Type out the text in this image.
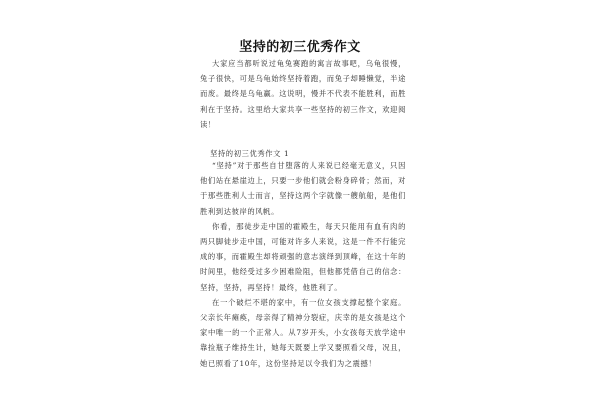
坚持的初三优秀作文

大家应当都听说过龟兔赛跑的寓言故事吧，乌龟很慢，兔子很快，可是乌龟始终坚持着跑，而兔子却睡懒觉，半途而废。最终是乌龟赢。这说明，慢并不代表不能胜利，而胜利在于坚持。这里给大家共享一些坚持的初三作文，欢迎阅读！

坚持的初三优秀作文 1

“坚持”对于那些自甘堕落的人来说已经毫无意义，只因他们站在悬崖边上，只要一步他们就会粉身碎骨；然而，对于那些胜利人士而言，坚持这两个字就像一艘航船，是他们胜利到达彼岸的风帆。

你看，那徒步走中国的霍殿生，每天只能用有血有肉的两只脚徒步走中国，可能对许多人来说，这是一件不行能完成的事，而霍殿生却将顽强的意志演绎到顶峰，在这十年的时间里，他经受过多少困难险阻，但他都凭借自己的信念：坚持，坚持，再坚持！最终，他胜利了。

在一个破烂不堪的家中，有一位女孩支撑起整个家庭。父亲长年瘫痪，母亲得了精神分裂症，庆幸的是女孩是这个家中唯一的一个正常人。从7岁开头，小女孩每天放学途中靠捡瓶子维持生计，她每天既要上学又要照看父母，况且，她已照看了10年，这份坚持足以令我们为之震撼！
